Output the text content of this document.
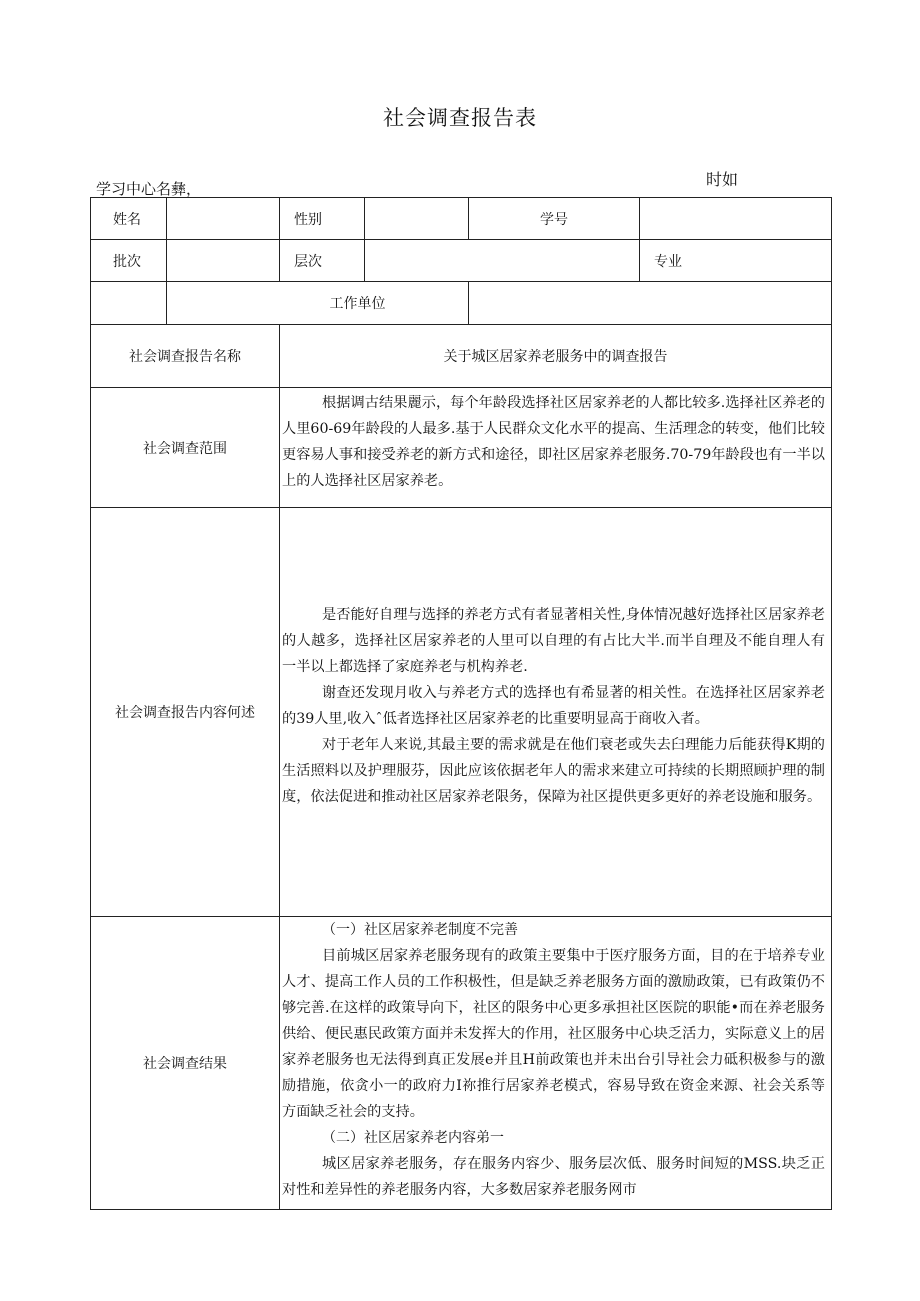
社会调查报告表
学习中心名彝，	时如
姓名		性别		学号	
批次		层次			专业
	工作单位				
社会调查报告名称		关于城区居家养老服务中的调查报告			
社会调查范围		根据调古结果麗示，每个年龄段选择社区居家养老的人都比较多.选择社区养老的人里60-69年龄段的人最多.基于人民群众文化水平的提高、生活理念的转变，他们比较更容易人事和接受养老的新方式和途径，即社区居家养老服务.70-79年龄段也有一半以上的人选择社区居家养老。			

社会调查报告内容何述		是否能好自理与选择的养老方式有者显著相关性,身体情况越好选择社区居家养老的人越多，选择社区居家养老的人里可以自理的有占比大半.而半自理及不能自理人有一半以上都选择了家庭养老与机构养老.

谢查还发现月收入与养老方式的选择也有希显著的相关性。在选择社区居家养老的39人里,收入ˆ低者选择社区居家养老的比重要明显高于商收入者。

对于老年人来说,其最主要的需求就是在他们衰老或失去臼理能力后能获得K期的生活照料以及护理服芬，因此应该依据老年人的需求来建立可持续的长期照顾护理的制度，依法促进和推动社区居家养老限务，保障为社区提供更多更好的养老设施和服务。			

社会调查结果		（一）社区居家养老制度不完善

目前城区居家养老服务现有的政策主要集中于医疗服务方面，目的在于培养专业人才、提高工作人员的工作积极性，但是缺乏养老服务方面的激励政策，已有政策仍不够完善.在这样的政策导向下，社区的限务中心更多承担社区医院的职能•而在养老服务供给、便民惠民政策方面并未发挥大的作用，社区服务中心块乏活力，实际意义上的居家养老服务也无法得到真正发展e并且H前政策也并未出台引导社会力砥积极参与的激励措施，依贪小一的政府力I祢推行居家养老模式，容易导致在资金来源、社会关系等方面缺乏社会的支持。

（二）社区居家养老内容弟一

城区居家养老服务，存在服务内容少、服务层次低、服务时间短的MSS.块乏正对性和差异性的养老服务内容，大多数居家养老服务网市			
